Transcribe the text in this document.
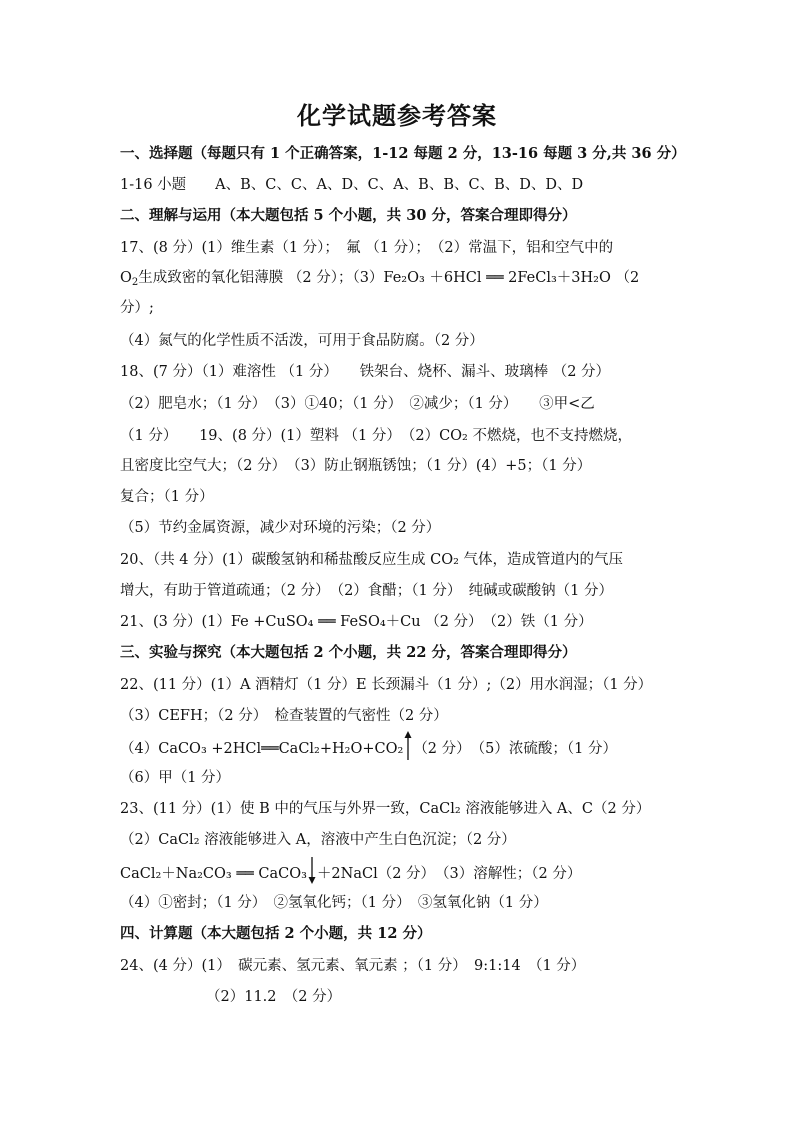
化学试题参考答案
一、选择题（每题只有 1 个正确答案，1-12 每题 2 分，13-16 每题 3 分,共 36 分）
1-16 小题　　A、B、C、C、A、D、C、A、B、B、C、B、D、D、D
二、理解与运用（本大题包括 5 个小题，共 30 分，答案合理即得分）
17、(8 分）(1）维生素（1 分）；　氟 （1 分）；　（2）常温下，铝和空气中的
$O_2$生成致密的氧化铝薄膜 （2 分）；（3）Fe₂O₃ ＋6HCl ══ 2FeCl₃＋3H₂O （2
分）;
（4）氮气的化学性质不活泼，可用于食品防腐。（2 分）
18、(7 分）（1）难溶性 （1 分）　　铁架台、烧杯、漏斗、玻璃棒 （2 分）
（2）肥皂水；（1 分）　（3）①40；（1 分）　②减少；（1 分）　　③甲<乙
（1 分）　　19、(8 分）(1）塑料 （1 分）　（2）CO₂ 不燃烧，也不支持燃烧，
且密度比空气大；（2 分）　（3）防止钢瓶锈蚀；（1 分）(4）+5；（1 分）
复合；（1 分）
（5）节约金属资源，减少对环境的污染；（2 分）
20、（共 4 分）(1）碳酸氢钠和稀盐酸反应生成 CO₂ 气体，造成管道内的气压
增大，有助于管道疏通；（2 分）　（2）食醋；（1 分）　纯碱或碳酸钠（1 分）
21、(3 分）(1）Fe +CuSO₄ ══ FeSO₄＋Cu （2 分）　（2）铁（1 分）
三、实验与探究（本大题包括 2 个小题，共 22 分，答案合理即得分）
22、(11 分）(1）A 酒精灯（1 分）E 长颈漏斗（1 分）;（2）用水润湿；（1 分）
（3）CEFH；（2 分）　检查装置的气密性（2 分）
（4）CaCO₃ +2HCl══CaCl₂+H₂O+CO₂ （2 分）　（5）浓硫酸；（1 分）
（6）甲（1 分）
23、(11 分）(1）使 B 中的气压与外界一致，CaCl₂ 溶液能够进入 A、C（2 分）
（2）CaCl₂ 溶液能够进入 A，溶液中产生白色沉淀；（2 分）
CaCl₂＋Na₂CO₃ ══ CaCO₃ ＋2NaCl（2 分）　（3）溶解性；（2 分）
（4）①密封；（1 分）　②氢氧化钙；（1 分）　③氢氧化钠（1 分）
四、计算题（本大题包括 2 个小题，共 12 分）
24、(4 分）(1）　碳元素、氢元素、氧元素 ；（1 分）　9:1:14　（1 分）
（2）11.2　（2 分）
